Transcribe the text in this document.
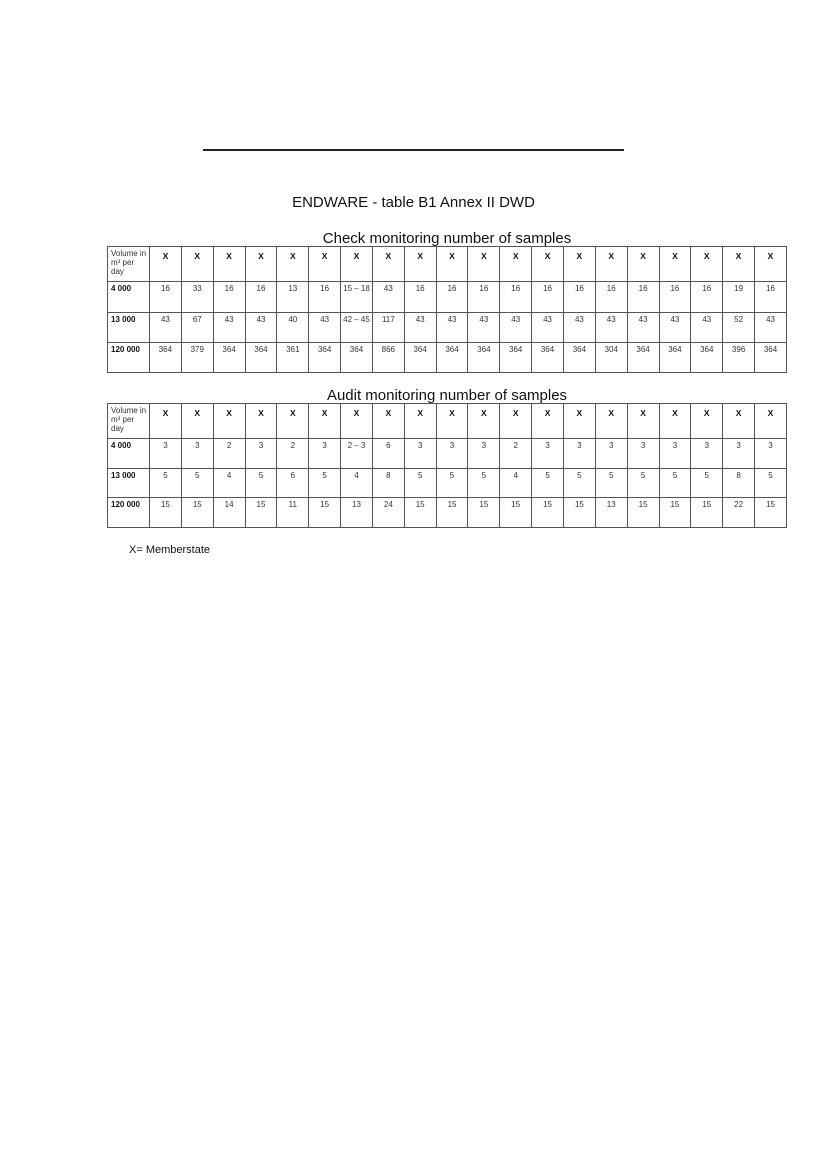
ENDWARE - table B1 Annex II DWD
Check monitoring number of samples
Volume in m³ per day	X	X	X	X	X	X	X	X	X	X	X	X	X	X	X	X	X	X	X	X
4 000	16	33	16	16	13	16	15 – 18	43	16	16	16	16	16	16	16	16	16	16	19	16
13 000	43	67	43	43	40	43	42 – 45	117	43	43	43	43	43	43	43	43	43	43	52	43
120 000	364	379	364	364	361	364	364	866	364	364	364	364	364	364	304	364	364	364	396	364
Audit monitoring number of samples
Volume in m³ per day	X	X	X	X	X	X	X	X	X	X	X	X	X	X	X	X	X	X	X	X
4 000	3	3	2	3	2	3	2 – 3	6	3	3	3	2	3	3	3	3	3	3	3	3
13 000	5	5	4	5	6	5	4	8	5	5	5	4	5	5	5	5	5	5	8	5
120 000	15	15	14	15	11	15	13	24	15	15	15	15	15	15	13	15	15	15	22	15
X= Memberstate
